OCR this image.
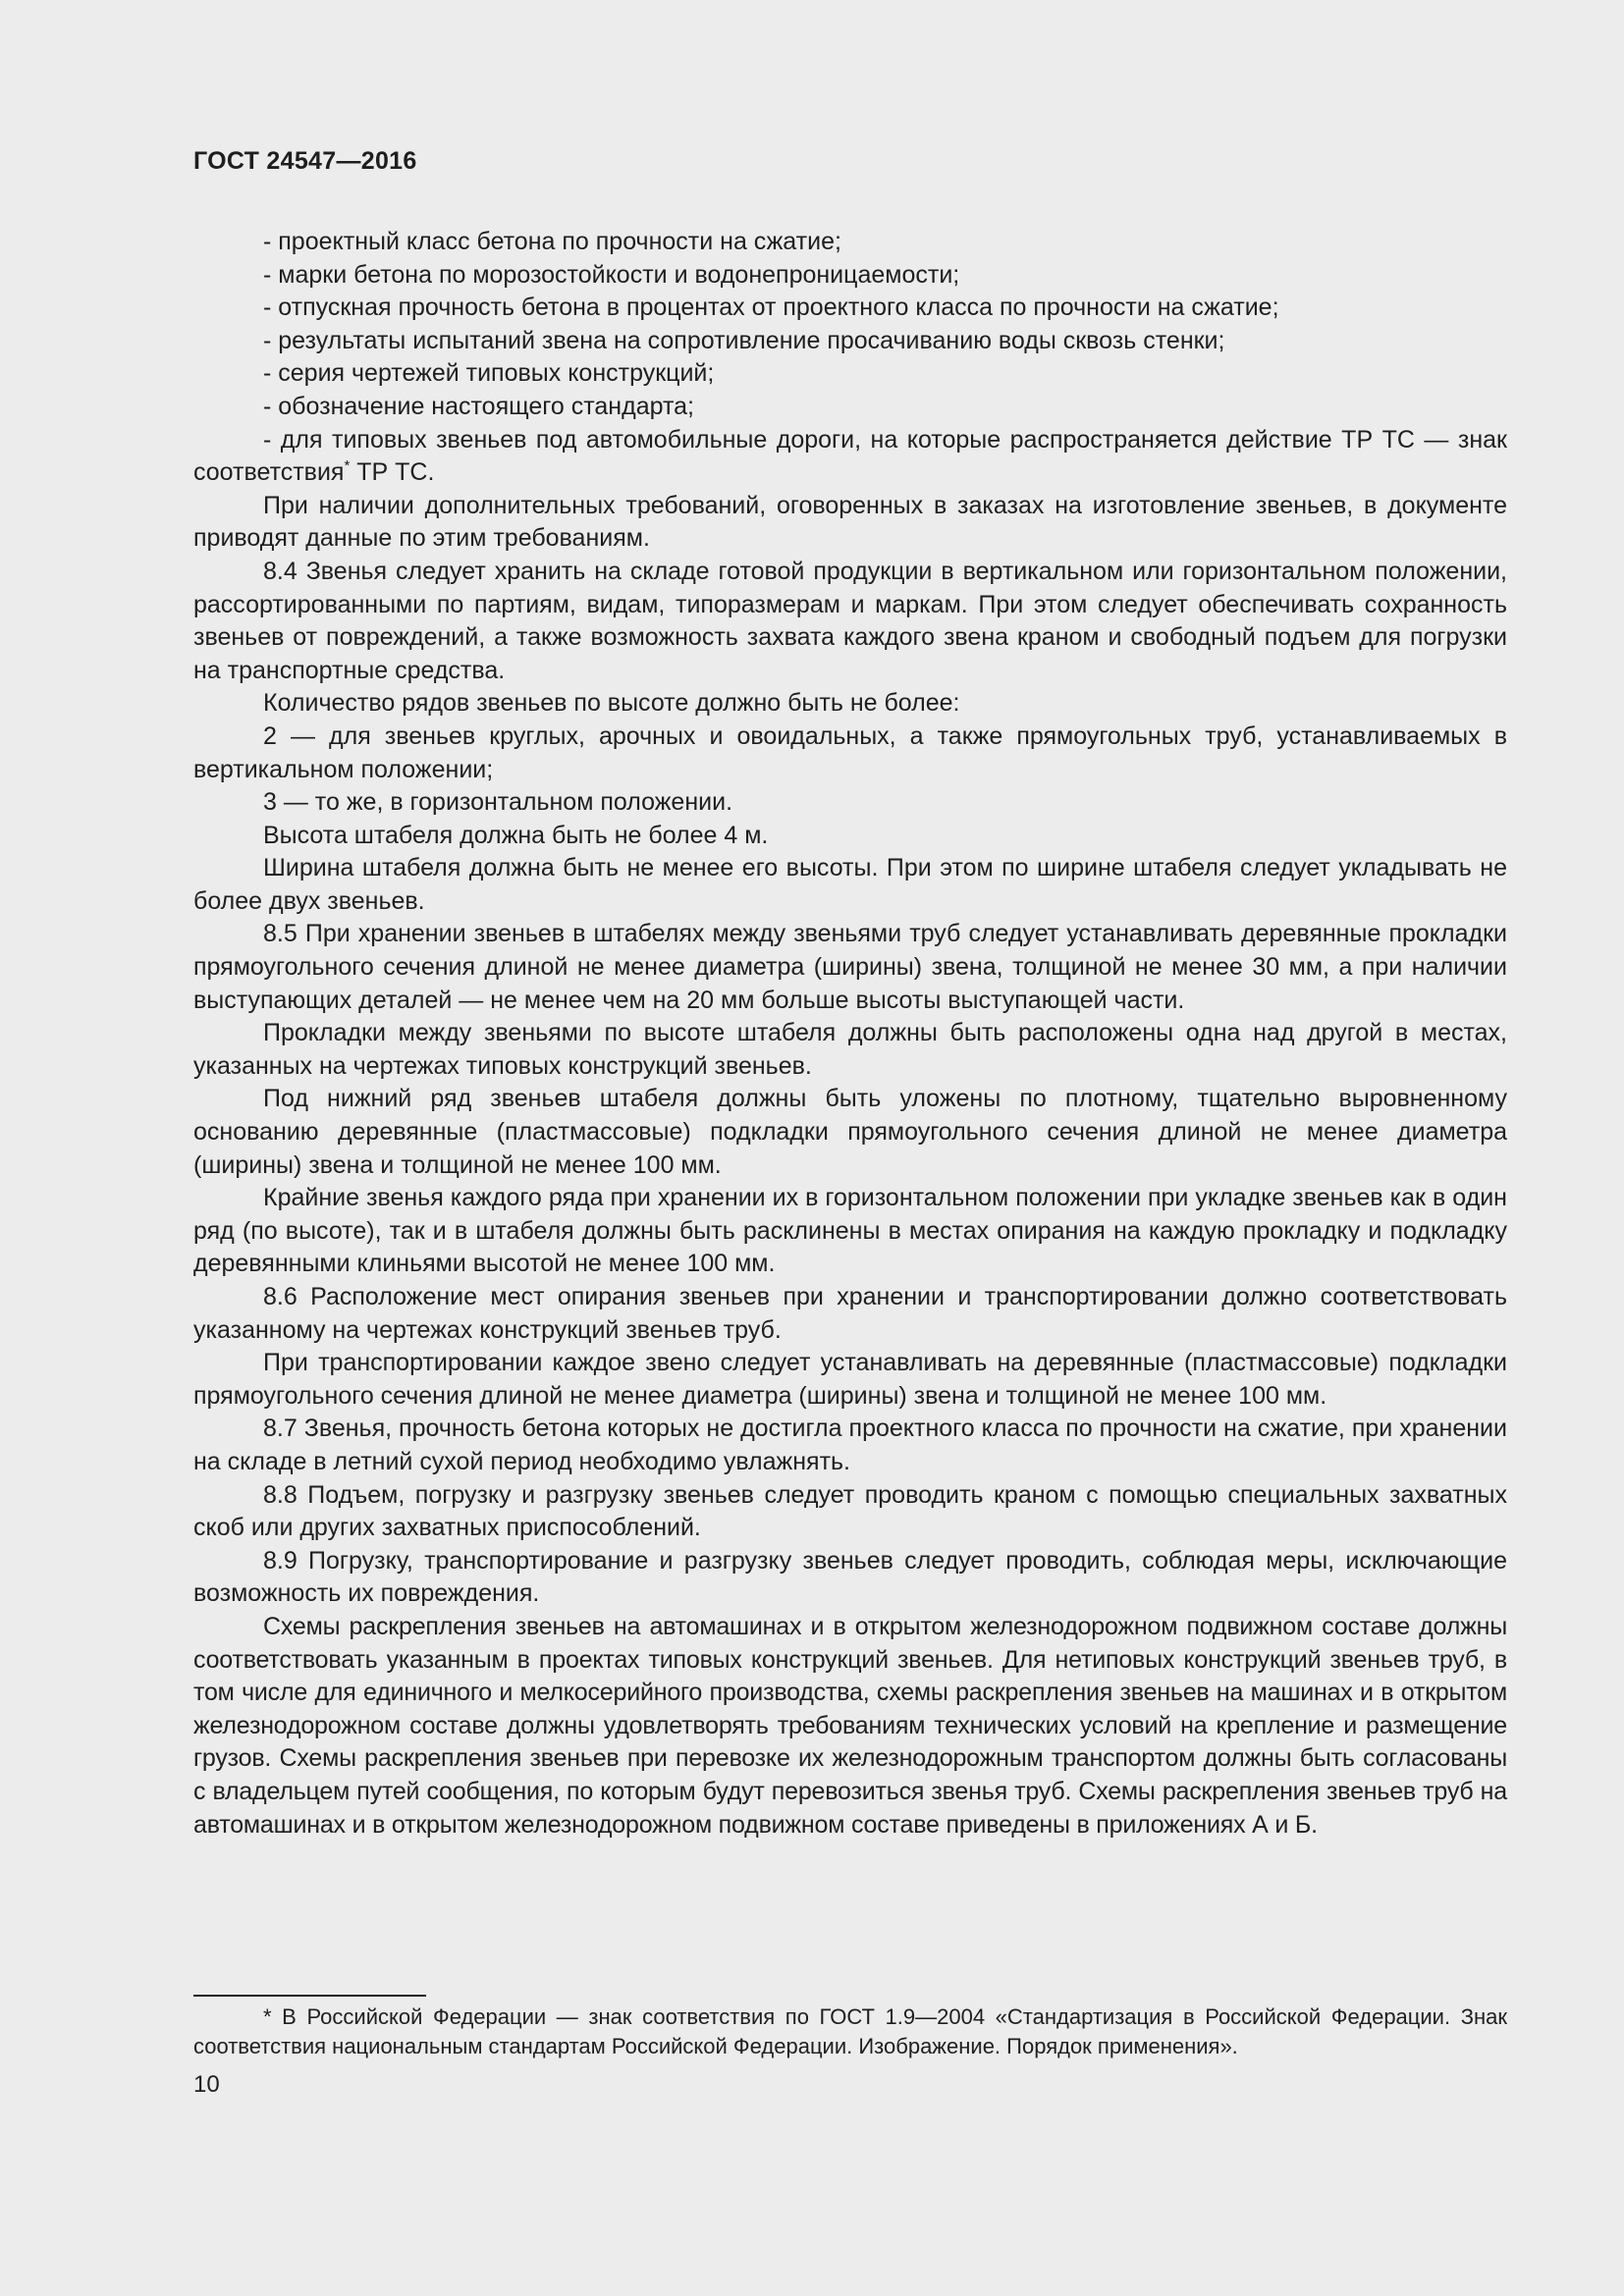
ГОСТ 24547—2016

- проектный класс бетона по прочности на сжатие;

- марки бетона по морозостойкости и водонепроницаемости;

- отпускная прочность бетона в процентах от проектного класса по прочности на сжатие;

- результаты испытаний звена на сопротивление просачиванию воды сквозь стенки;

- серия чертежей типовых конструкций;

- обозначение настоящего стандарта;

- для типовых звеньев под автомобильные дороги, на которые распространяется действие ТР ТС — знак соответствия* ТР ТС.

При наличии дополнительных требований, оговоренных в заказах на изготовление звеньев, в документе приводят данные по этим требованиям.

8.4 Звенья следует хранить на складе готовой продукции в вертикальном или горизонтальном положении, рассортированными по партиям, видам, типоразмерам и маркам. При этом следует обеспечивать сохранность звеньев от повреждений, а также возможность захвата каждого звена краном и свободный подъем для погрузки на транспортные средства.

Количество рядов звеньев по высоте должно быть не более:

2 — для звеньев круглых, арочных и овоидальных, а также прямоугольных труб, устанавливаемых в вертикальном положении;

3 — то же, в горизонтальном положении.

Высота штабеля должна быть не более 4 м.

Ширина штабеля должна быть не менее его высоты. При этом по ширине штабеля следует укладывать не более двух звеньев.

8.5 При хранении звеньев в штабелях между звеньями труб следует устанавливать деревянные прокладки прямоугольного сечения длиной не менее диаметра (ширины) звена, толщиной не менее 30 мм, а при наличии выступающих деталей — не менее чем на 20 мм больше высоты выступающей части.

Прокладки между звеньями по высоте штабеля должны быть расположены одна над другой в местах, указанных на чертежах типовых конструкций звеньев.

Под нижний ряд звеньев штабеля должны быть уложены по плотному, тщательно выровненному основанию деревянные (пластмассовые) подкладки прямоугольного сечения длиной не менее диаметра (ширины) звена и толщиной не менее 100 мм.

Крайние звенья каждого ряда при хранении их в горизонтальном положении при укладке звеньев как в один ряд (по высоте), так и в штабеля должны быть расклинены в местах опирания на каждую прокладку и подкладку деревянными клиньями высотой не менее 100 мм.

8.6 Расположение мест опирания звеньев при хранении и транспортировании должно соответствовать указанному на чертежах конструкций звеньев труб.

При транспортировании каждое звено следует устанавливать на деревянные (пластмассовые) подкладки прямоугольного сечения длиной не менее диаметра (ширины) звена и толщиной не менее 100 мм.

8.7 Звенья, прочность бетона которых не достигла проектного класса по прочности на сжатие, при хранении на складе в летний сухой период необходимо увлажнять.

8.8 Подъем, погрузку и разгрузку звеньев следует проводить краном с помощью специальных захватных скоб или других захватных приспособлений.

8.9 Погрузку, транспортирование и разгрузку звеньев следует проводить, соблюдая меры, исключающие возможность их повреждения.

Схемы раскрепления звеньев на автомашинах и в открытом железнодорожном подвижном составе должны соответствовать указанным в проектах типовых конструкций звеньев. Для нетиповых конструкций звеньев труб, в том числе для единичного и мелкосерийного производства, схемы раскрепления звеньев на машинах и в открытом железнодорожном составе должны удовлетворять требованиям технических условий на крепление и размещение грузов. Схемы раскрепления звеньев при перевозке их железнодорожным транспортом должны быть согласованы с владельцем путей сообщения, по которым будут перевозиться звенья труб. Схемы раскрепления звеньев труб на автомашинах и в открытом железнодорожном подвижном составе приведены в приложениях А и Б.

* В Российской Федерации — знак соответствия по ГОСТ 1.9—2004 «Стандартизация в Российской Федерации. Знак соответствия национальным стандартам Российской Федерации. Изображение. Порядок применения».

10
